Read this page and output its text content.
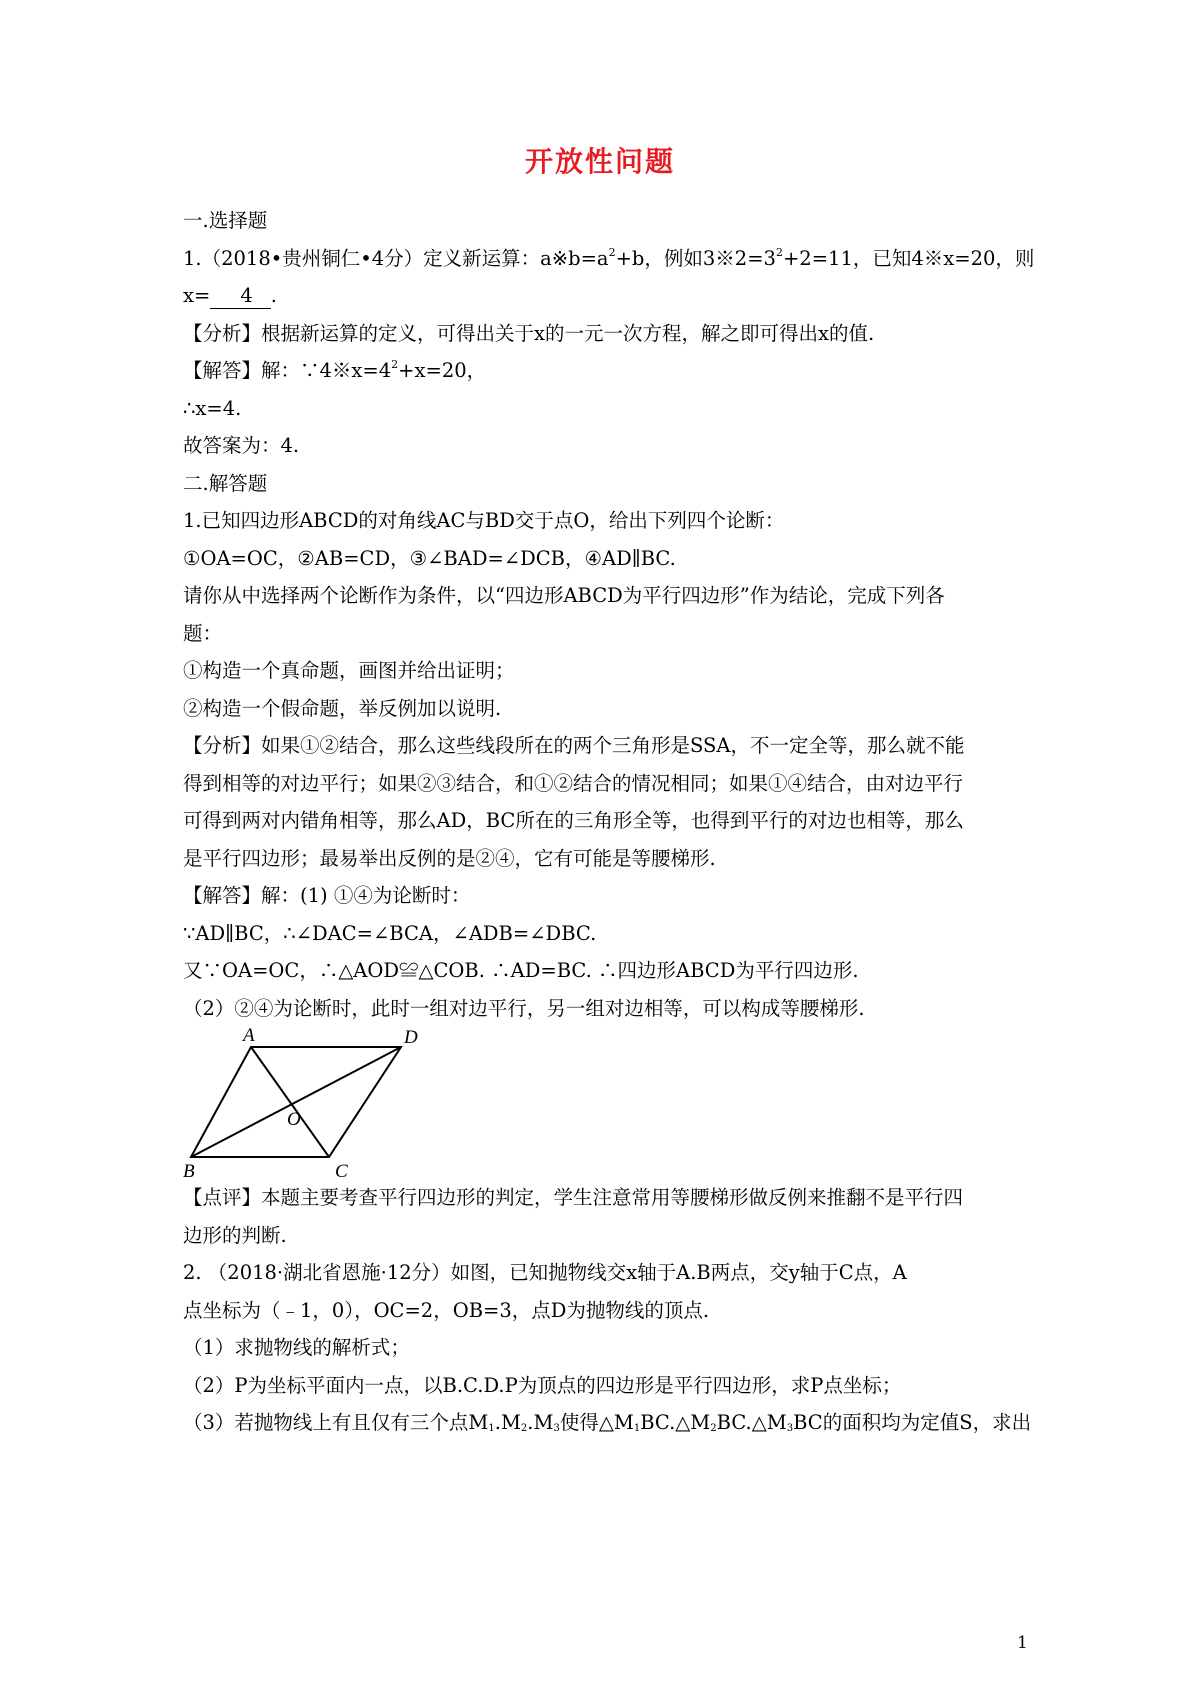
开放性问题
一.选择题
1.（2018•贵州铜仁•4分）定义新运算：$a※b=a^2+b$，例如$3※2=3^2+2=11$，已知4※x=20，则
x= 4 .
【分析】根据新运算的定义，可得出关于x的一元一次方程，解之即可得出x的值.
【解答】解：$\because 4※x=4^2+x=20$，
∴x=4.
故答案为：4.
二.解答题
1.已知四边形ABCD的对角线AC与BD交于点O，给出下列四个论断：
①OA=OC，②AB=CD，③∠BAD=∠DCB，④AD∥BC.
请你从中选择两个论断作为条件，以“四边形ABCD为平行四边形”作为结论，完成下列各
题：
①构造一个真命题，画图并给出证明；
②构造一个假命题，举反例加以说明.
【分析】如果①②结合，那么这些线段所在的两个三角形是SSA，不一定全等，那么就不能
得到相等的对边平行；如果②③结合，和①②结合的情况相同；如果①④结合，由对边平行
可得到两对内错角相等，那么AD，BC所在的三角形全等，也得到平行的对边也相等，那么
是平行四边形；最易举出反例的是②④，它有可能是等腰梯形.
【解答】解：(1) ①④为论断时：
∵AD∥BC，∴∠DAC=∠BCA，∠ADB=∠DBC.
又∵OA=OC，∴△AOD≌△COB. ∴AD=BC. ∴四边形ABCD为平行四边形.
（2）②④为论断时，此时一组对边平行，另一组对边相等，可以构成等腰梯形.
A	D
B	C
O
【点评】本题主要考查平行四边形的判定，学生注意常用等腰梯形做反例来推翻不是平行四
边形的判断.
2. （2018·湖北省恩施·12分）如图，已知抛物线交x轴于A.B两点，交y轴于C点，A
点坐标为（﹣1，0），OC=2，OB=3，点D为抛物线的顶点.
（1）求抛物线的解析式；
（2）P为坐标平面内一点，以B.C.D.P为顶点的四边形是平行四边形，求P点坐标；
（3）若抛物线上有且仅有三个点$M_1.M_2.M_3$使得$\triangle M_1BC.\triangle M_2BC.\triangle M_3BC$的面积均为定值S，求出
1
